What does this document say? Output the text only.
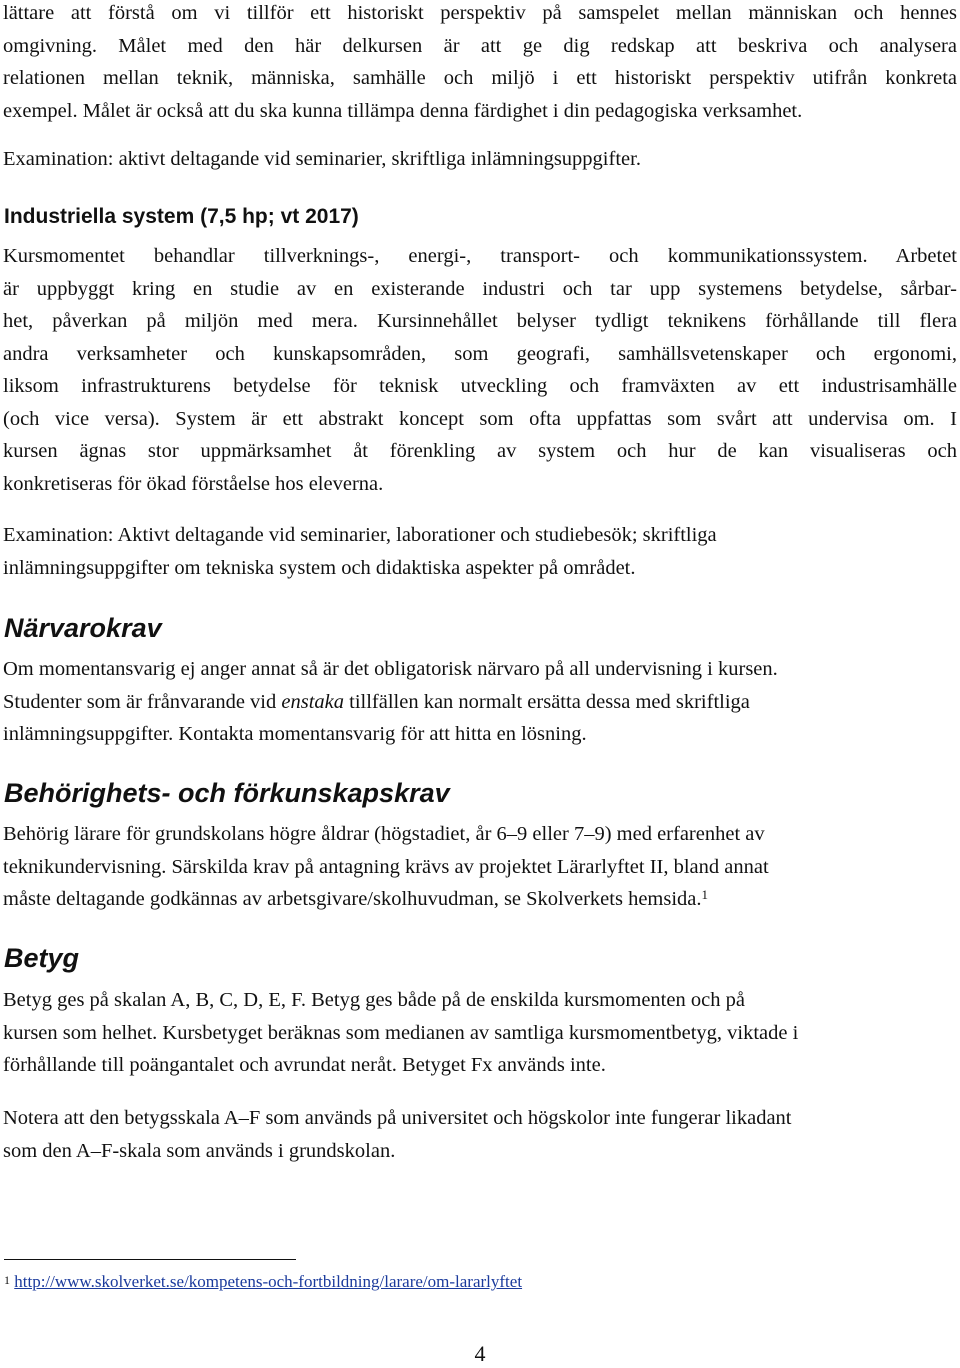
lättare att förstå om vi tillför ett historiskt perspektiv på samspelet mellan människan och hennes
omgivning. Målet med den här delkursen är att ge dig redskap att beskriva och analysera
relationen mellan teknik, människa, samhälle och miljö i ett historiskt perspektiv utifrån konkreta
exempel. Målet är också att du ska kunna tillämpa denna färdighet i din pedagogiska verksamhet.

Examination: aktivt deltagande vid seminarier, skriftliga inlämningsuppgifter.

Industriella system (7,5 hp; vt 2017)
Kursmomentet behandlar tillverknings-, energi-, transport- och kommunikationssystem. Arbetet
är uppbyggt kring en studie av en existerande industri och tar upp systemens betydelse, sårbar-
het, påverkan på miljön med mera. Kursinnehållet belyser tydligt teknikens förhållande till flera
andra verksamheter och kunskapsområden, som geografi, samhällsvetenskaper och ergonomi,
liksom infrastrukturens betydelse för teknisk utveckling och framväxten av ett industrisamhälle
(och vice versa). System är ett abstrakt koncept som ofta uppfattas som svårt att undervisa om. I
kursen ägnas stor uppmärksamhet åt förenkling av system och hur de kan visualiseras och
konkretiseras för ökad förståelse hos eleverna.
Examination: Aktivt deltagande vid seminarier, laborationer och studiebesök; skriftliga
inlämningsuppgifter om tekniska system och didaktiska aspekter på området.
Närvarokrav
Om momentansvarig ej anger annat så är det obligatorisk närvaro på all undervisning i kursen.
Studenter som är frånvarande vid enstaka tillfällen kan normalt ersätta dessa med skriftliga
inlämningsuppgifter. Kontakta momentansvarig för att hitta en lösning.
Behörighets- och förkunskapskrav
Behörig lärare för grundskolans högre åldrar (högstadiet, år 6–9 eller 7–9) med erfarenhet av
teknikundervisning. Särskilda krav på antagning krävs av projektet Lärarlyftet II, bland annat
måste deltagande godkännas av arbetsgivare/skolhuvudman, se Skolverkets hemsida.$^1$
Betyg
Betyg ges på skalan A, B, C, D, E, F. Betyg ges både på de enskilda kursmomenten och på
kursen som helhet. Kursbetyget beräknas som medianen av samtliga kursmomentbetyg, viktade i
förhållande till poängantalet och avrundat neråt. Betyget Fx används inte.
Notera att den betygsskala A–F som används på universitet och högskolor inte fungerar likadant
som den A–F-skala som används i grundskolan.
$^1$ http://www.skolverket.se/kompetens-och-fortbildning/larare/om-lararlyftet
4
